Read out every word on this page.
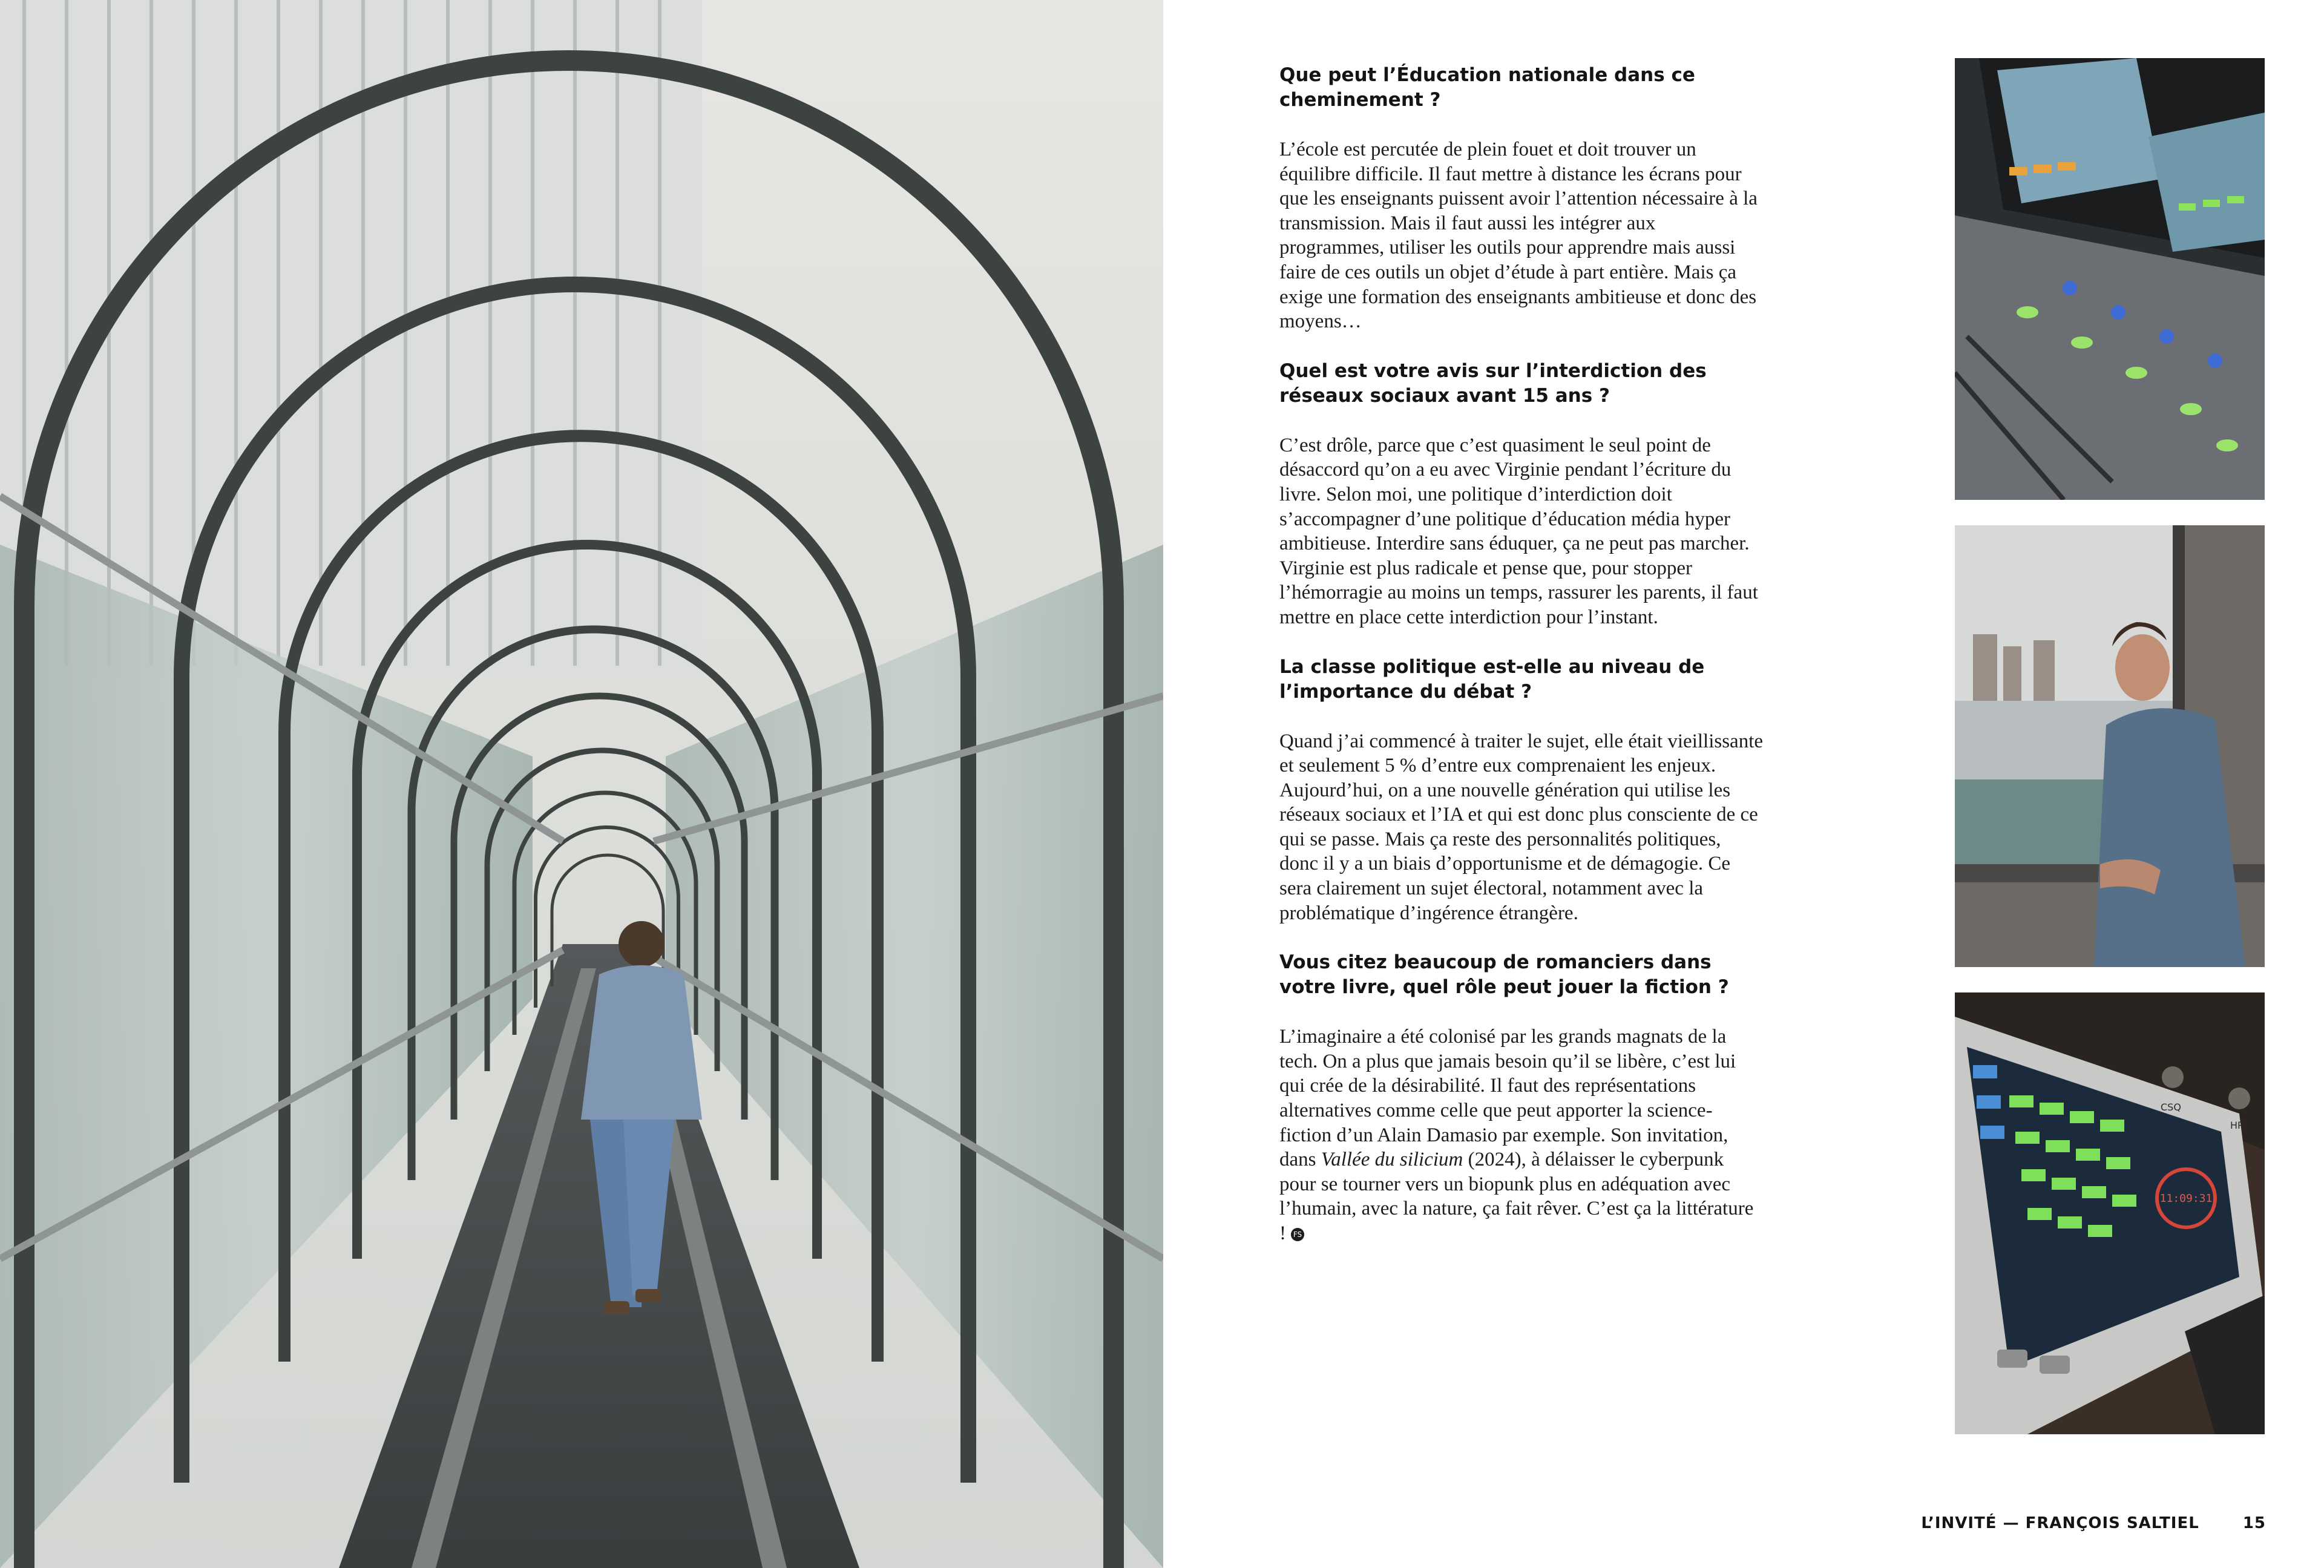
Que peut l’Éducation nationale dans ce cheminement ?

L’école est percutée de plein fouet et doit trouver un équilibre difficile. Il faut mettre à distance les écrans pour que les enseignants puissent avoir l’attention nécessaire à la transmission. Mais il faut aussi les intégrer aux programmes, utiliser les outils pour apprendre mais aussi faire de ces outils un objet d’étude à part entière. Mais ça exige une formation des enseignants ambitieuse et donc des moyens…

Quel est votre avis sur l’interdiction des réseaux sociaux avant 15 ans ?

C’est drôle, parce que c’est quasiment le seul point de désaccord qu’on a eu avec Virginie pendant l’écriture du livre. Selon moi, une politique d’interdiction doit s’accompagner d’une politique d’éducation média hyper ambitieuse. Interdire sans éduquer, ça ne peut pas marcher. Virginie est plus radicale et pense que, pour stopper l’hémorragie au moins un temps, rassurer les parents, il faut mettre en place cette interdiction pour l’instant.

La classe politique est-elle au niveau de l’importance du débat ?

Quand j’ai commencé à traiter le sujet, elle était vieillissante et seulement 5 % d’entre eux comprenaient les enjeux. Aujourd’hui, on a une nouvelle génération qui utilise les réseaux sociaux et l’IA et qui est donc plus consciente de ce qui se passe. Mais ça reste des personnalités politiques, donc il y a un biais d’opportunisme et de démagogie. Ce sera clairement un sujet électoral, notamment avec la problématique d’ingérence étrangère.

Vous citez beaucoup de romanciers dans votre livre, quel rôle peut jouer la fiction ?

L’imaginaire a été colonisé par les grands magnats de la tech. On a plus que jamais besoin qu’il se libère, c’est lui qui crée de la désirabilité. Il faut des représentations alternatives comme celle que peut apporter la science-fiction d’un Alain Damasio par exemple. Son invitation, dans Vallée du silicium (2024), à délaisser le cyberpunk pour se tourner vers un biopunk plus en adéquation avec l’humain, avec la nature, ça fait rêver. C’est ça la littérature ! FS

11:09:31
CSQ
HP
L’INVITÉ — FRANÇOIS SALTIEL	15
